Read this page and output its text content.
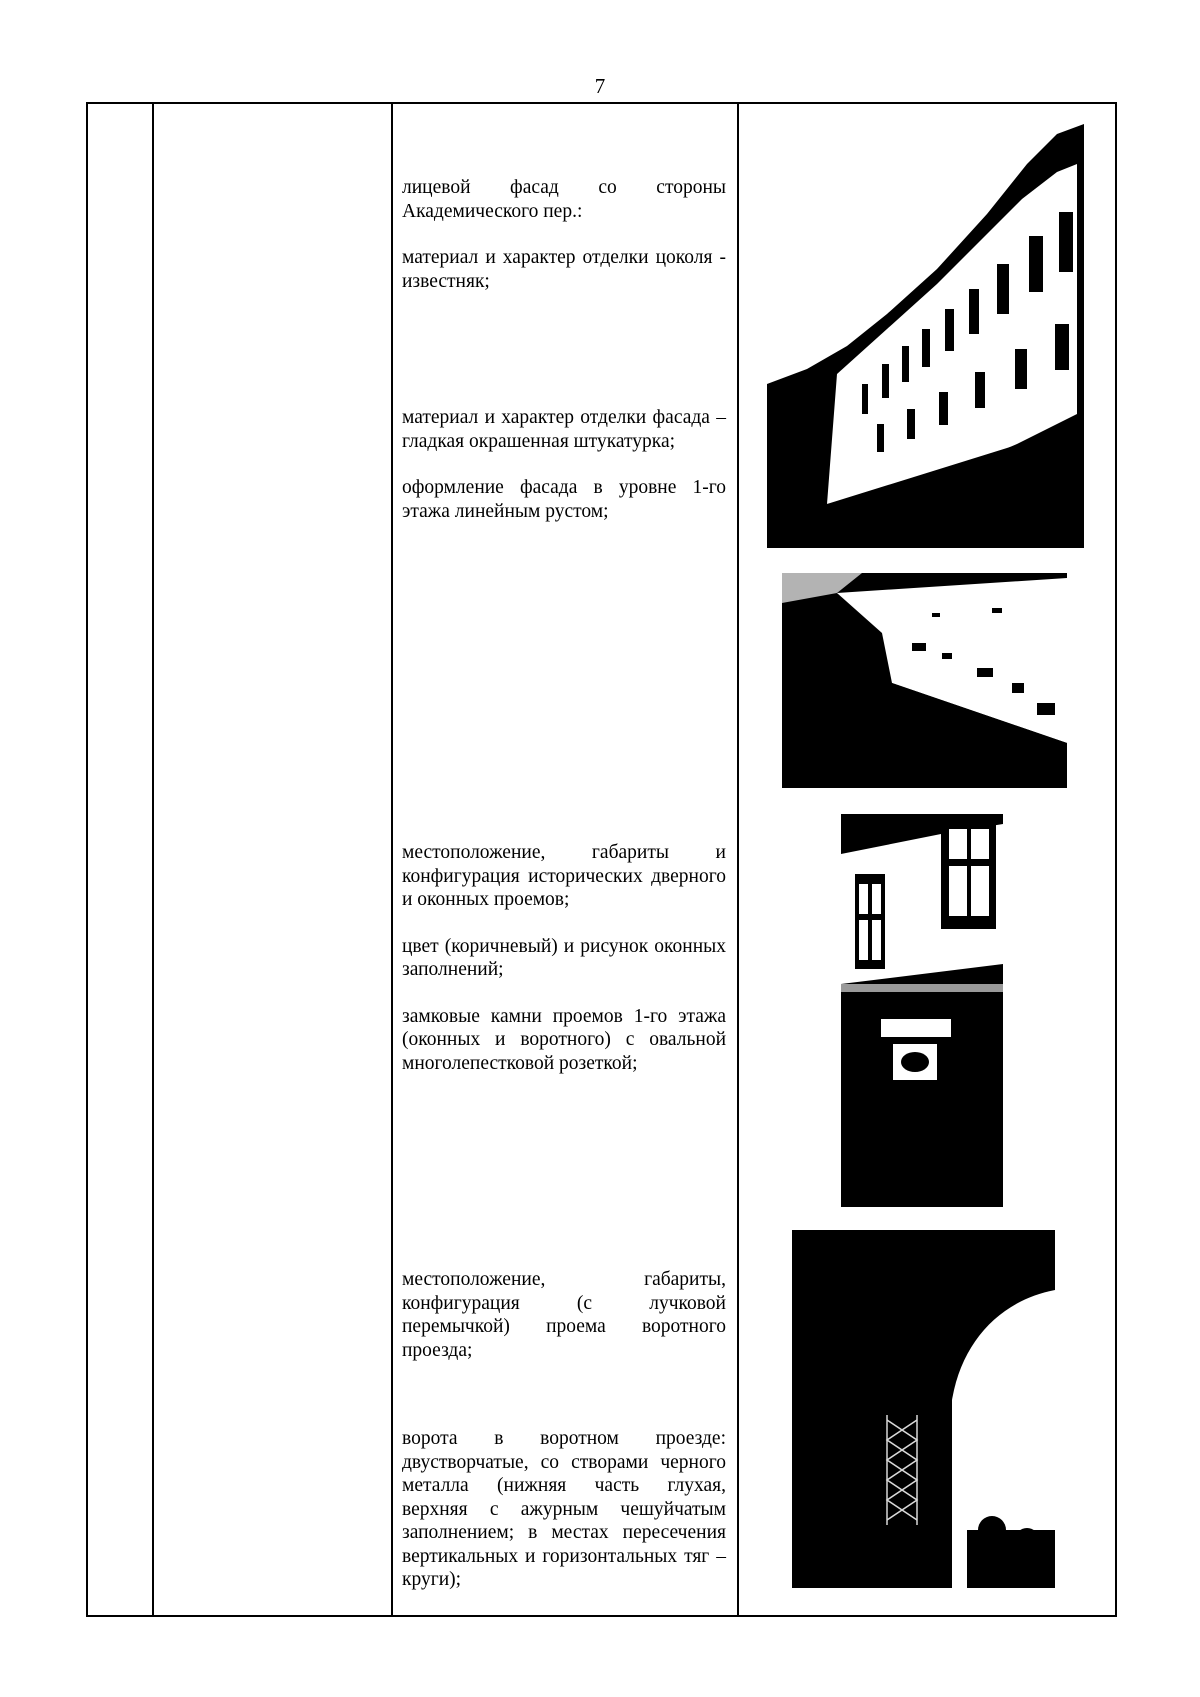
7

лицевой фасад со стороны Академического пер.:

материал и характер отделки цоколя - известняк;

материал и характер отделки фасада – гладкая окрашенная штукатурка;

оформление фасада в уровне 1-го этажа линейным рустом;

местоположение, габариты и конфигурация исторических дверного и оконных проемов;

цвет (коричневый) и рисунок оконных заполнений;

замковые камни проемов 1-го этажа (оконных и воротного) с овальной многолепестковой розеткой;

местоположение, габариты, конфигурация (с лучковой перемычкой) проема воротного проезда;

ворота в воротном проезде: двустворчатые, со створами черного металла (нижняя часть глухая, верхняя с ажурным чешуйчатым заполнением; в местах пересечения вертикальных и горизонтальных тяг – круги);
